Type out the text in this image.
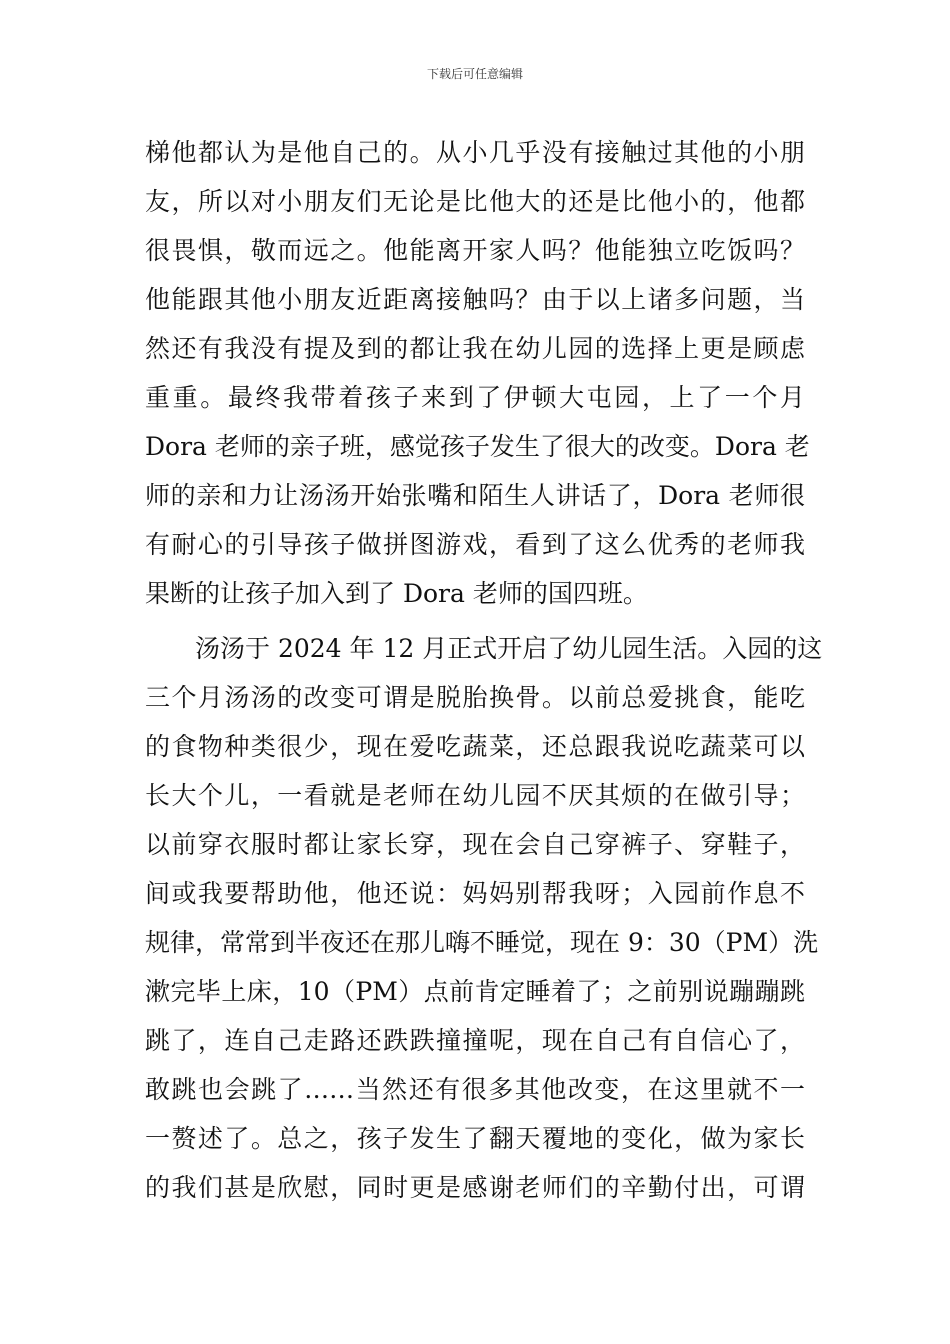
下载后可任意编辑
梯他都认为是他自己的。从小几乎没有接触过其他的小朋
友，所以对小朋友们无论是比他大的还是比他小的，他都
很畏惧，敬而远之。他能离开家人吗？他能独立吃饭吗？
他能跟其他小朋友近距离接触吗？由于以上诸多问题，当
然还有我没有提及到的都让我在幼儿园的选择上更是顾虑
重重。最终我带着孩子来到了伊顿大屯园，上了一个月
Dora 老师的亲子班，感觉孩子发生了很大的改变。Dora 老
师的亲和力让汤汤开始张嘴和陌生人讲话了，Dora 老师很
有耐心的引导孩子做拼图游戏，看到了这么优秀的老师我
果断的让孩子加入到了 Dora 老师的国四班。
汤汤于 2024 年 12 月正式开启了幼儿园生活。入园的这
三个月汤汤的改变可谓是脱胎换骨。以前总爱挑食，能吃
的食物种类很少，现在爱吃蔬菜，还总跟我说吃蔬菜可以
长大个儿，一看就是老师在幼儿园不厌其烦的在做引导；
以前穿衣服时都让家长穿，现在会自己穿裤子、穿鞋子，
间或我要帮助他，他还说：妈妈别帮我呀；入园前作息不
规律，常常到半夜还在那儿嗨不睡觉，现在 9：30（PM）洗
漱完毕上床，10（PM）点前肯定睡着了；之前别说蹦蹦跳
跳了，连自己走路还跌跌撞撞呢，现在自己有自信心了，
敢跳也会跳了……当然还有很多其他改变，在这里就不一
一赘述了。总之，孩子发生了翻天覆地的变化，做为家长
的我们甚是欣慰，同时更是感谢老师们的辛勤付出，可谓
